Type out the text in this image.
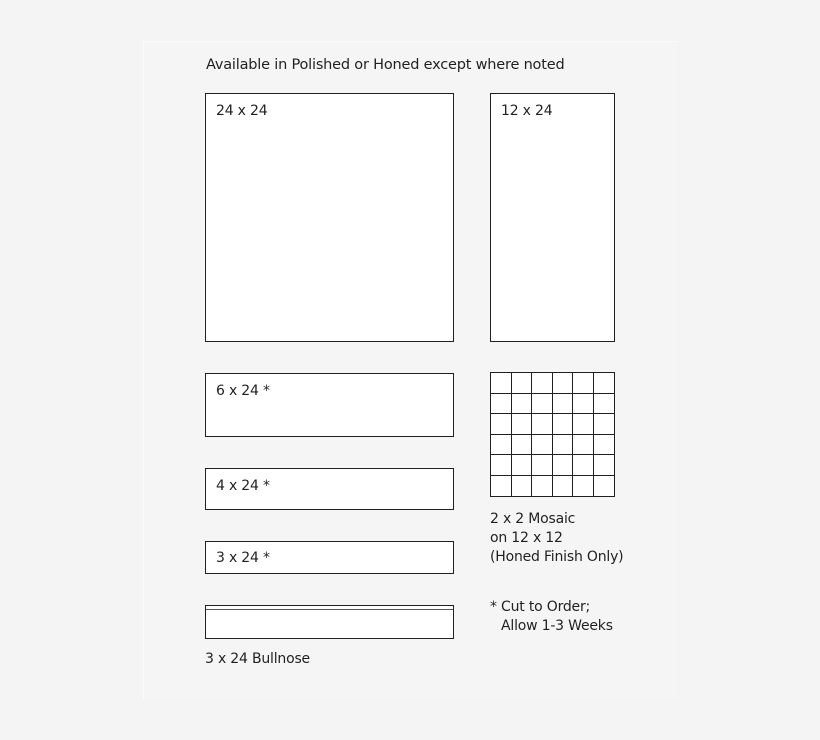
Available in Polished or Honed except where noted
24 x 24	12 x 24
6 x 24 *
4 x 24 *
3 x 24 *
3 x 24 Bullnose
2 x 2 Mosaic
on 12 x 12
(Honed Finish Only)
* Cut to Order;
Allow 1-3 Weeks
